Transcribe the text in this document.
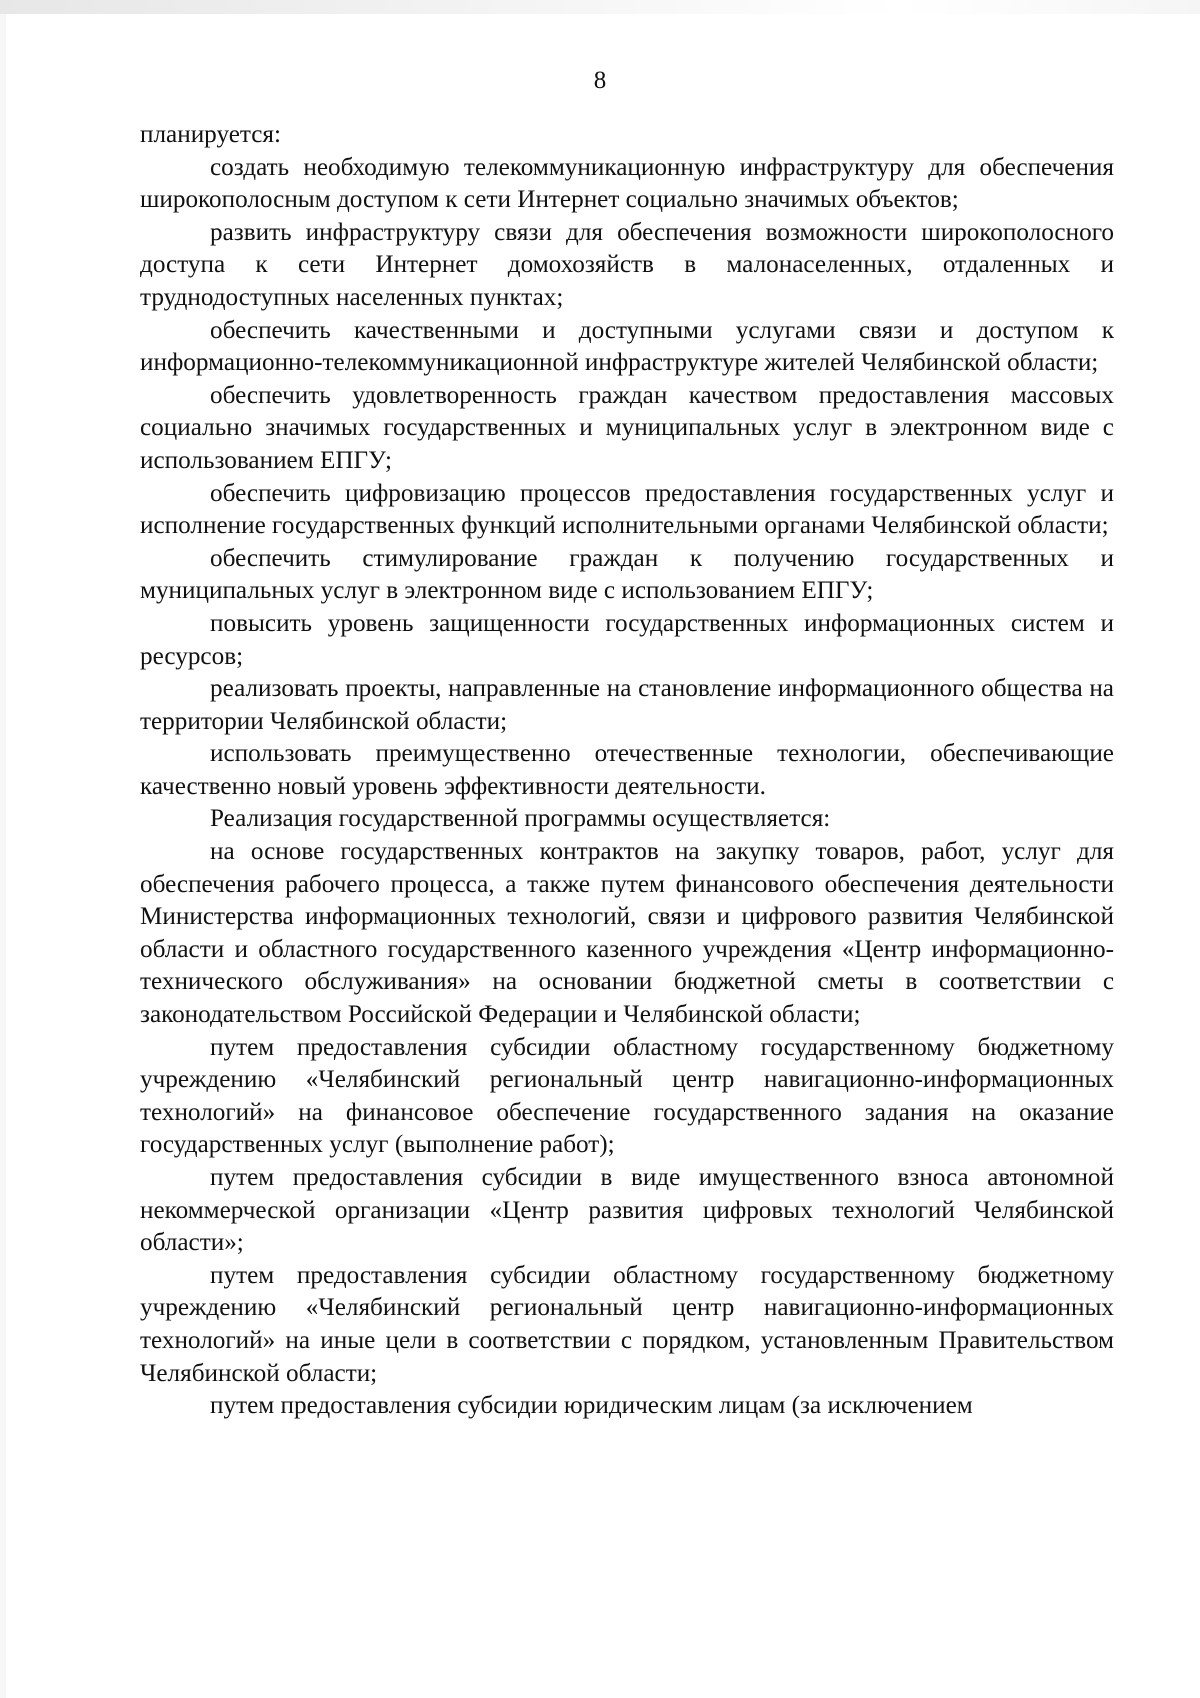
8

планируется:

создать необходимую телекоммуникационную инфраструктуру для обеспечения широкополосным доступом к сети Интернет социально значимых объектов;

развить инфраструктуру связи для обеспечения возможности широкополосного доступа к сети Интернет домохозяйств в малонаселенных, отдаленных и труднодоступных населенных пунктах;

обеспечить качественными и доступными услугами связи и доступом к информационно-телекоммуникационной инфраструктуре жителей Челябинской области;

обеспечить удовлетворенность граждан качеством предоставления массовых социально значимых государственных и муниципальных услуг в электронном виде с использованием ЕПГУ;

обеспечить цифровизацию процессов предоставления государственных услуг и исполнение государственных функций исполнительными органами Челябинской области;

обеспечить стимулирование граждан к получению государственных и муниципальных услуг в электронном виде с использованием ЕПГУ;

повысить уровень защищенности государственных информационных систем и ресурсов;

реализовать проекты, направленные на становление информационного общества на территории Челябинской области;

использовать преимущественно отечественные технологии, обеспечивающие качественно новый уровень эффективности деятельности.

Реализация государственной программы осуществляется:

на основе государственных контрактов на закупку товаров, работ, услуг для обеспечения рабочего процесса, а также путем финансового обеспечения деятельности Министерства информационных технологий, связи и цифрового развития Челябинской области и областного государственного казенного учреждения «Центр информационно-технического обслуживания» на основании бюджетной сметы в соответствии с законодательством Российской Федерации и Челябинской области;

путем предоставления субсидии областному государственному бюджетному учреждению «Челябинский региональный центр навигационно-информационных технологий» на финансовое обеспечение государственного задания на оказание государственных услуг (выполнение работ);

путем предоставления субсидии в виде имущественного взноса автономной некоммерческой организации «Центр развития цифровых технологий Челябинской области»;

путем предоставления субсидии областному государственному бюджетному учреждению «Челябинский региональный центр навигационно-информационных технологий» на иные цели в соответствии с порядком, установленным Правительством Челябинской области;

путем предоставления субсидии юридическим лицам (за исключением
